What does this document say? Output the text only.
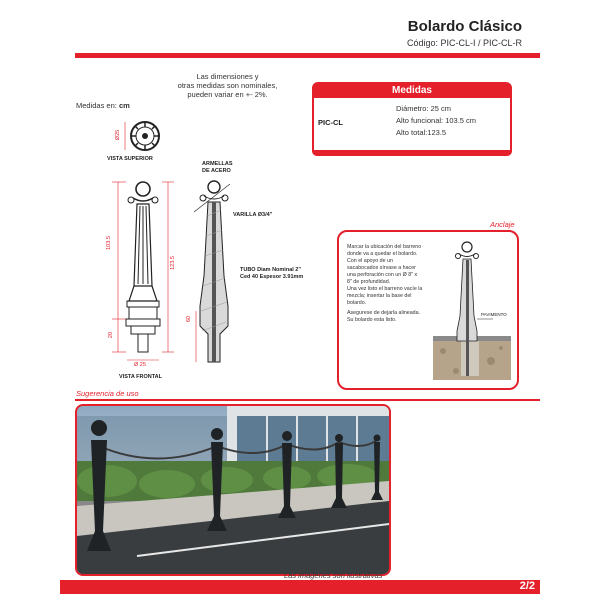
Bolardo Clásico
Código: PIC-CL-I / PIC-CL-R
Las dimensiones y
otras medidas son nominales,
pueden variar en +- 2%.
Medidas en: cm
Medidas
PIC-CL
Diámetro: 25 cm
Alto funcional: 103.5 cm
Alto total:123.5
Ø25
VISTA SUPERIOR
103.5
123.5
20
Ø 25
VISTA FRONTAL
ARMELLAS
DE ACERO
VARILLA Ø3/4"
TUBO Diam Nominal 2"
Ced 40 Espesor 3.91mm
60
Anclaje
Marcar la ubicación del barreno
donde va a quedar el bolardo.
Con el apoyo de un
sacabocados sírvase a hacer
una perforación con un Ø 8" x
8" de profundidad.
Una vez listo el barreno vacíe la
mezcla; insertar la base del
bolardo.
Asegurese de dejarla alineada.
Su bolardo esta listo.
PAVIMENTO
Sugerencia de uso
Las imagenes son ilustrativas
2/2
